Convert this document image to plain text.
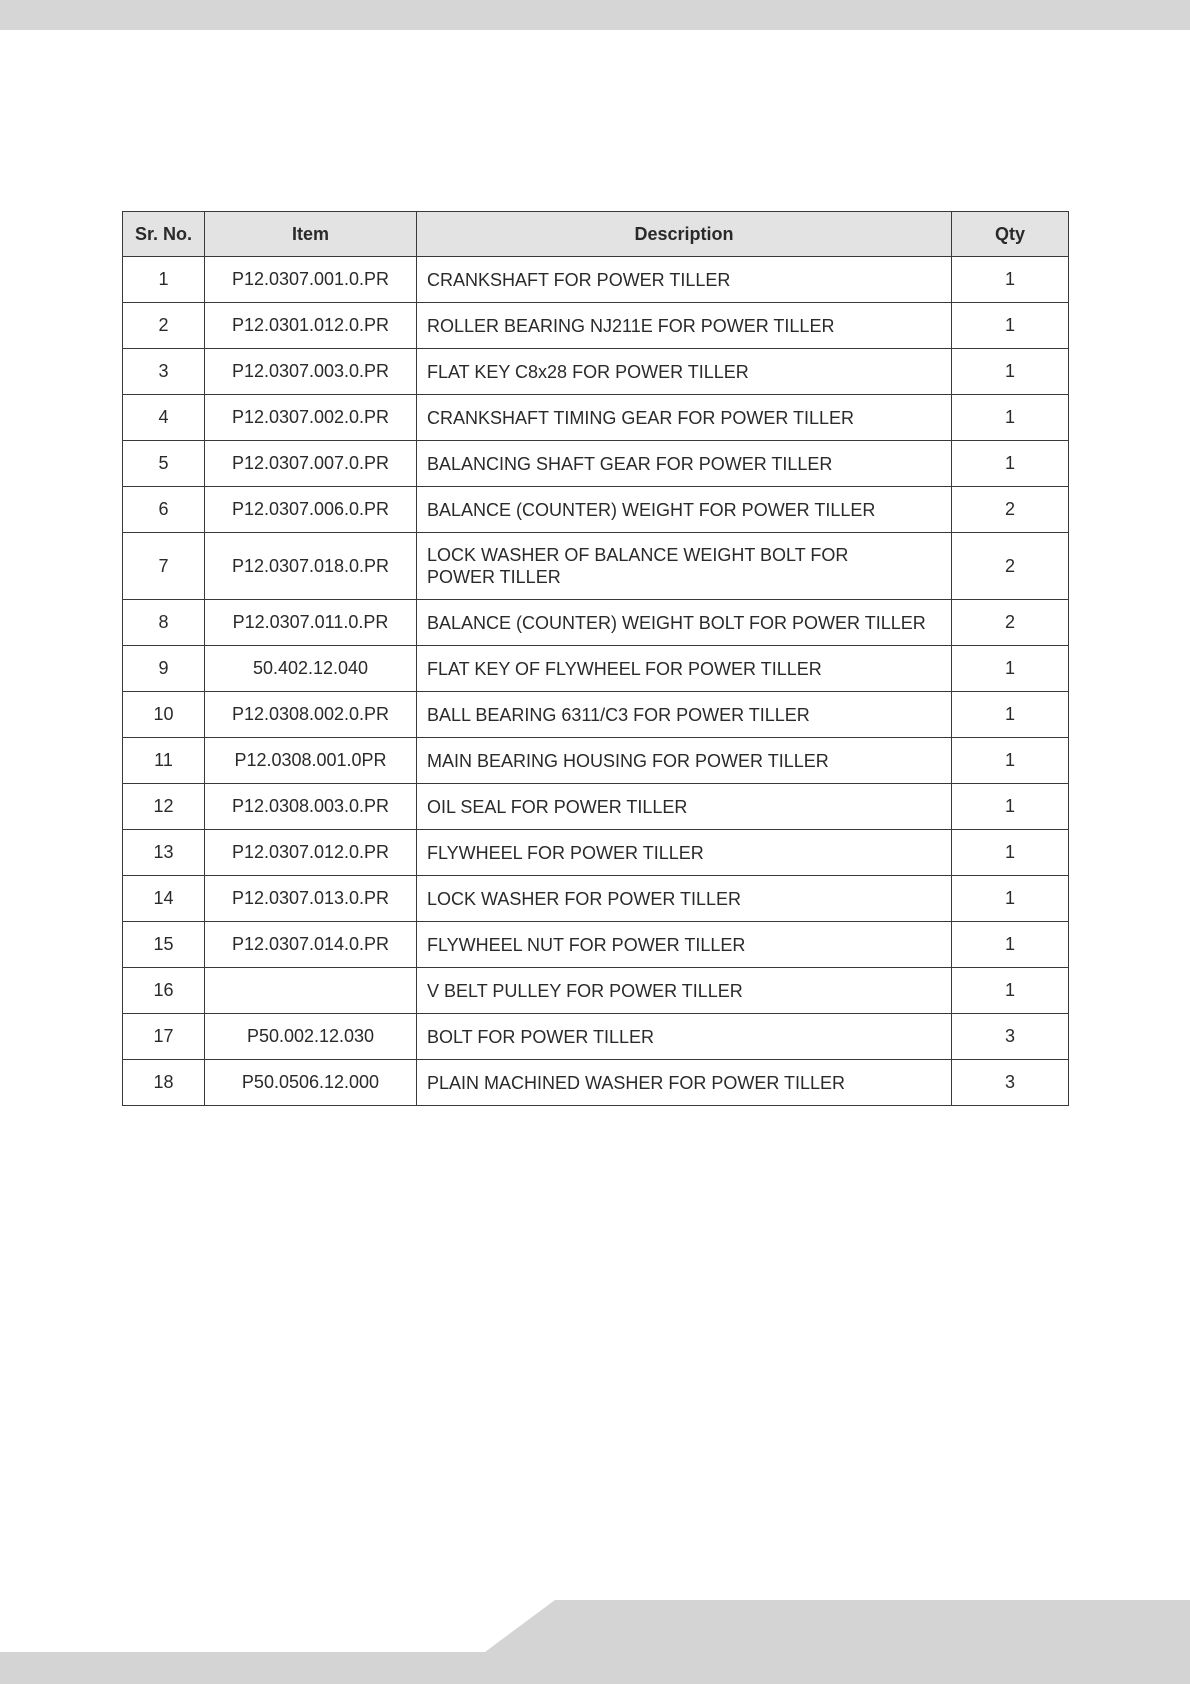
Sr. No.	Item	Description	Qty
1	P12.0307.001.0.PR	CRANKSHAFT FOR POWER TILLER	1
2	P12.0301.012.0.PR	ROLLER BEARING NJ211E FOR POWER TILLER	1
3	P12.0307.003.0.PR	FLAT KEY C8x28 FOR POWER TILLER	1
4	P12.0307.002.0.PR	CRANKSHAFT TIMING GEAR FOR POWER TILLER	1
5	P12.0307.007.0.PR	BALANCING SHAFT GEAR FOR POWER TILLER	1
6	P12.0307.006.0.PR	BALANCE (COUNTER) WEIGHT FOR POWER TILLER	2
7	P12.0307.018.0.PR	LOCK WASHER OF BALANCE WEIGHT BOLT FOR
POWER TILLER	2
8	P12.0307.011.0.PR	BALANCE (COUNTER) WEIGHT BOLT FOR POWER TILLER	2
9	50.402.12.040	FLAT KEY OF FLYWHEEL FOR POWER TILLER	1
10	P12.0308.002.0.PR	BALL BEARING 6311/C3 FOR POWER TILLER	1
11	P12.0308.001.0PR	MAIN BEARING HOUSING FOR POWER TILLER	1
12	P12.0308.003.0.PR	OIL SEAL FOR POWER TILLER	1
13	P12.0307.012.0.PR	FLYWHEEL FOR POWER TILLER	1
14	P12.0307.013.0.PR	LOCK WASHER FOR POWER TILLER	1
15	P12.0307.014.0.PR	FLYWHEEL NUT FOR POWER TILLER	1
16		V BELT PULLEY FOR POWER TILLER	1
17	P50.002.12.030	BOLT FOR POWER TILLER	3
18	P50.0506.12.000	PLAIN MACHINED WASHER FOR POWER TILLER	3
